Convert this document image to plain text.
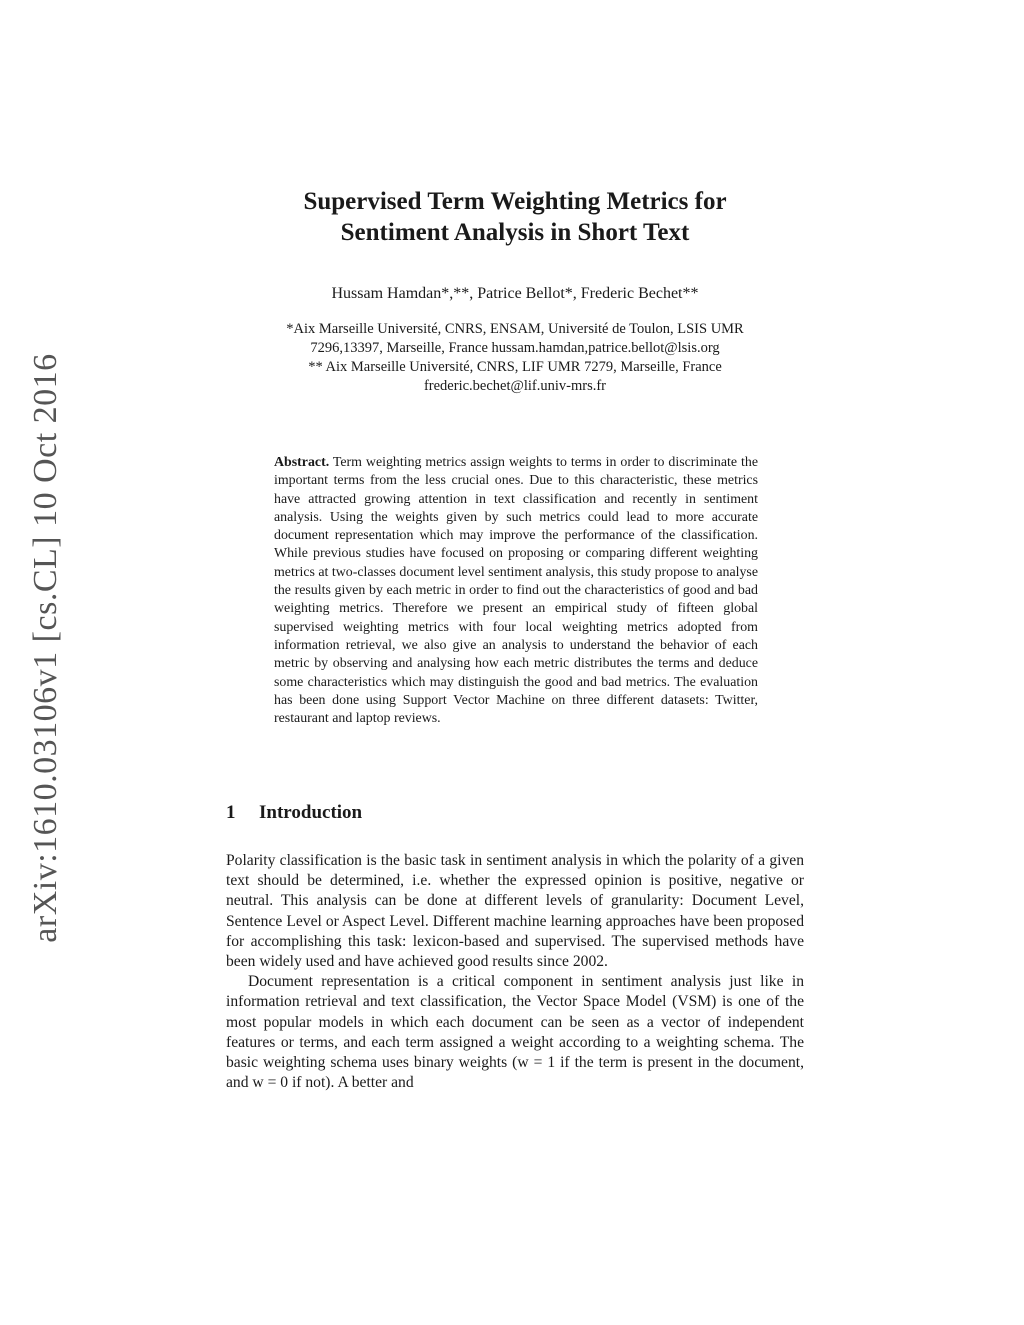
arXiv:1610.03106v1 [cs.CL] 10 Oct 2016
Supervised Term Weighting Metrics for
Sentiment Analysis in Short Text
Hussam Hamdan*,**, Patrice Bellot*, Frederic Bechet**
*Aix Marseille Université, CNRS, ENSAM, Université de Toulon, LSIS UMR
7296,13397, Marseille, France hussam.hamdan,patrice.bellot@lsis.org
** Aix Marseille Université, CNRS, LIF UMR 7279, Marseille, France
frederic.bechet@lif.univ-mrs.fr
Abstract. Term weighting metrics assign weights to terms in order to discriminate the important terms from the less crucial ones. Due to this characteristic, these metrics have attracted growing attention in text classification and recently in sentiment analysis. Using the weights given by such metrics could lead to more accurate document representation which may improve the performance of the classification. While previous studies have focused on proposing or comparing different weighting metrics at two-classes document level sentiment analysis, this study propose to analyse the results given by each metric in order to find out the characteristics of good and bad weighting metrics. Therefore we present an empirical study of fifteen global supervised weighting metrics with four local weighting metrics adopted from information retrieval, we also give an analysis to understand the behavior of each metric by observing and analysing how each metric distributes the terms and deduce some characteristics which may distinguish the good and bad metrics. The evaluation has been done using Support Vector Machine on three different datasets: Twitter, restaurant and laptop reviews.
1 Introduction

Polarity classification is the basic task in sentiment analysis in which the polarity of a given text should be determined, i.e. whether the expressed opinion is positive, negative or neutral. This analysis can be done at different levels of granularity: Document Level, Sentence Level or Aspect Level. Different machine learning approaches have been proposed for accomplishing this task: lexicon-based and supervised. The supervised methods have been widely used and have achieved good results since 2002.

Document representation is a critical component in sentiment analysis just like in information retrieval and text classification, the Vector Space Model (VSM) is one of the most popular models in which each document can be seen as a vector of independent features or terms, and each term assigned a weight according to a weighting schema. The basic weighting schema uses binary weights (w = 1 if the term is present in the document, and w = 0 if not). A better and
